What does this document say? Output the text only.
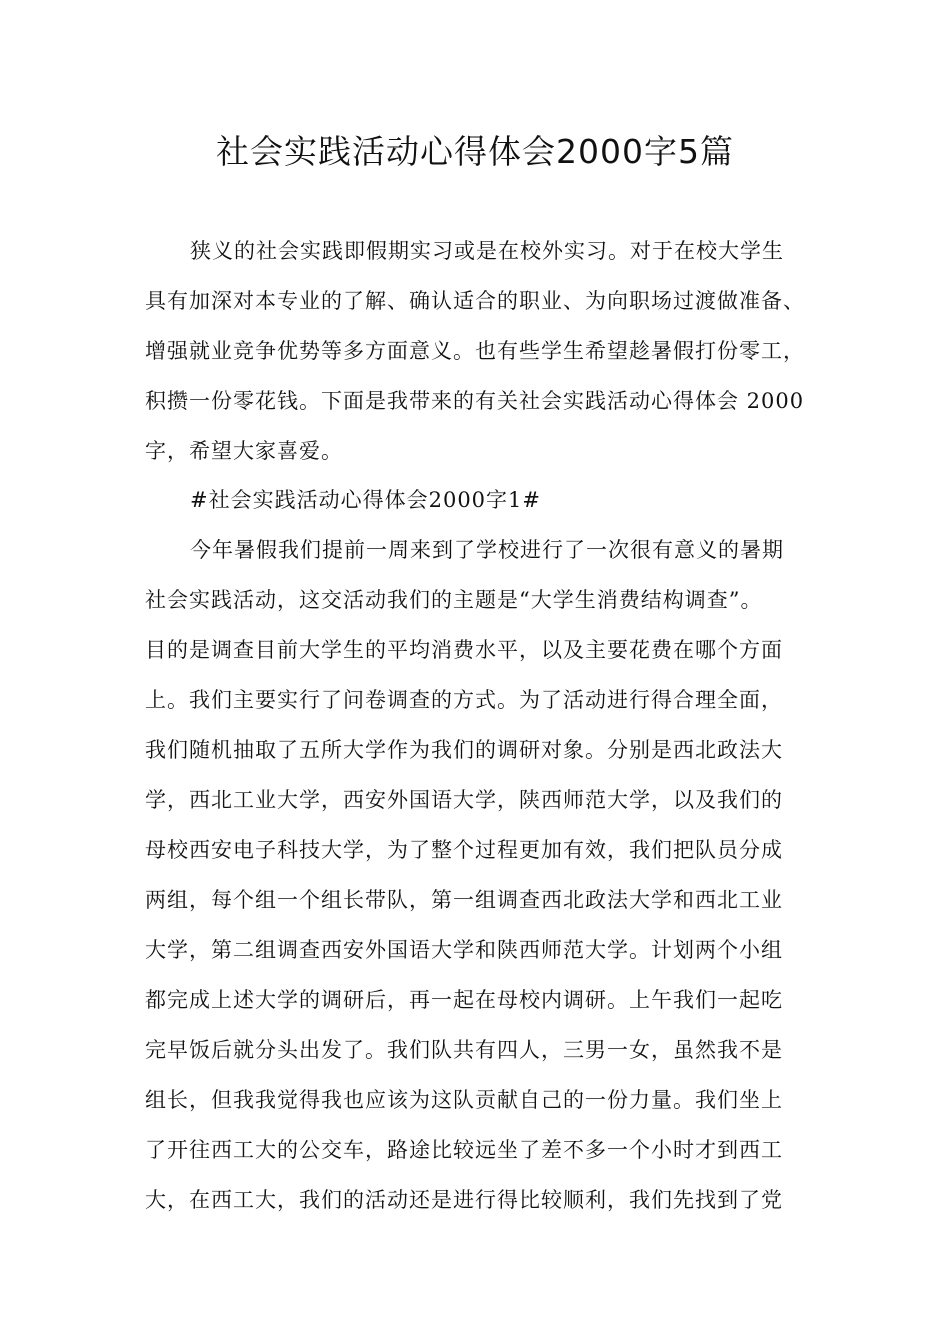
社会实践活动心得体会2000字5篇
狭义的社会实践即假期实习或是在校外实习。对于在校大学生
具有加深对本专业的了解、确认适合的职业、为向职场过渡做准备、
增强就业竞争优势等多方面意义。也有些学生希望趁暑假打份零工，
积攒一份零花钱。下面是我带来的有关社会实践活动心得体会 2000
字，希望大家喜爱。
#社会实践活动心得体会2000字1#
今年暑假我们提前一周来到了学校进行了一次很有意义的暑期
社会实践活动，这交活动我们的主题是“大学生消费结构调查”。
目的是调查目前大学生的平均消费水平，以及主要花费在哪个方面
上。我们主要实行了问卷调查的方式。为了活动进行得合理全面，
我们随机抽取了五所大学作为我们的调研对象。分别是西北政法大
学，西北工业大学，西安外国语大学，陕西师范大学，以及我们的
母校西安电子科技大学，为了整个过程更加有效，我们把队员分成
两组，每个组一个组长带队，第一组调查西北政法大学和西北工业
大学，第二组调查西安外国语大学和陕西师范大学。计划两个小组
都完成上述大学的调研后，再一起在母校内调研。上午我们一起吃
完早饭后就分头出发了。我们队共有四人，三男一女，虽然我不是
组长，但我我觉得我也应该为这队贡献自己的一份力量。我们坐上
了开往西工大的公交车，路途比较远坐了差不多一个小时才到西工
大，在西工大，我们的活动还是进行得比较顺利，我们先找到了党
